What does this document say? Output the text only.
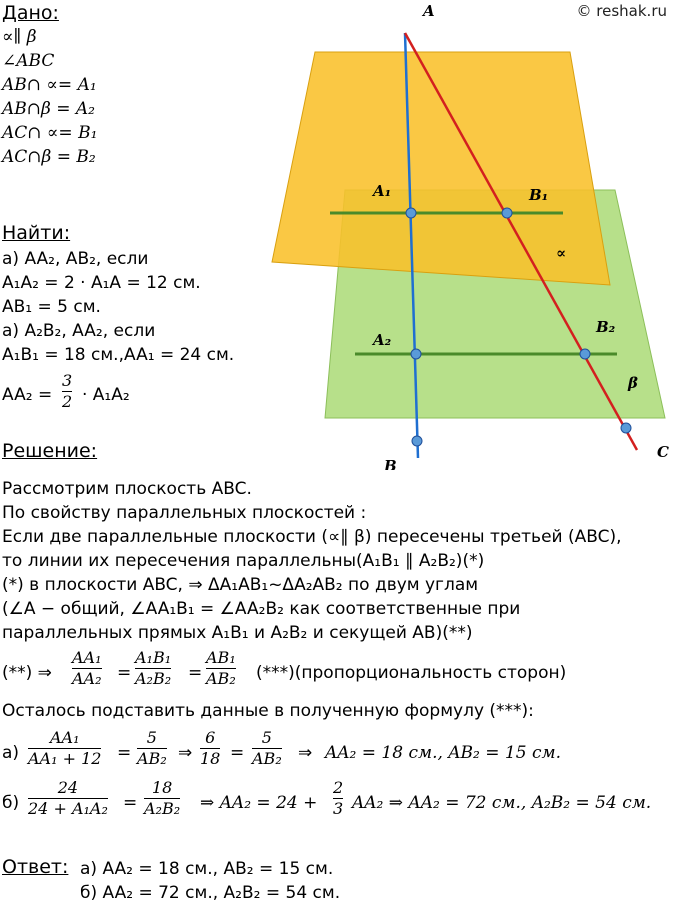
© reshak.ru
Дано:
∝∥ β
∠ABC
AB∩ ∝= A₁
AB∩β = A₂
AC∩ ∝= B₁
AC∩β = B₂
Найти:
а) AA₂, AB₂, если
A₁A₂ = 2 · A₁A = 12 см.
AB₁ = 5 см.
а) A₂B₂, AA₂, если
A₁B₁ = 18 см.,AA₁ = 24 см.
AA₂ =
3
2 · A₁A₂
A
B
C
A₁	B₁
A₂
B₂
∝
β
Решение:
Рассмотрим плоскость ABC.
По свойству параллельных плоскостей :
Если две параллельные плоскости (∝∥ β) пересечены третьей (ABC),
то линии их пересечения параллельны(A₁B₁ ∥ A₂B₂)(*)
(*) в плоскости ABC, ⇒ ΔA₁AB₁~ΔA₂AB₂ по двум углам
(∠A − общий, ∠AA₁B₁ = ∠AA₂B₂ как соответственные при
параллельных прямых A₁B₁ и A₂B₂ и секущей AB)(**)
(**) ⇒
AA₁
AA₂ =
A₁B₁
A₂B₂ =
AB₁
AB₂ (***)(пропорциональность сторон)
Осталось подставить данные в полученную формулу (***):
а)
AA₁
AA₁ + 12 =
5
AB₂ ⇒
6
18 =
5
AB₂ ⇒ AA₂ = 18 см., AB₂ = 15 см.
б)
24
24 + A₁A₂ =
18
A₂B₂ ⇒ AA₂ = 24 +
2
3 AA₂ ⇒ AA₂ = 72 см., A₂B₂ = 54 см.
Ответ: а) AA₂ = 18 см., AB₂ = 15 см.
б) AA₂ = 72 см., A₂B₂ = 54 см.
